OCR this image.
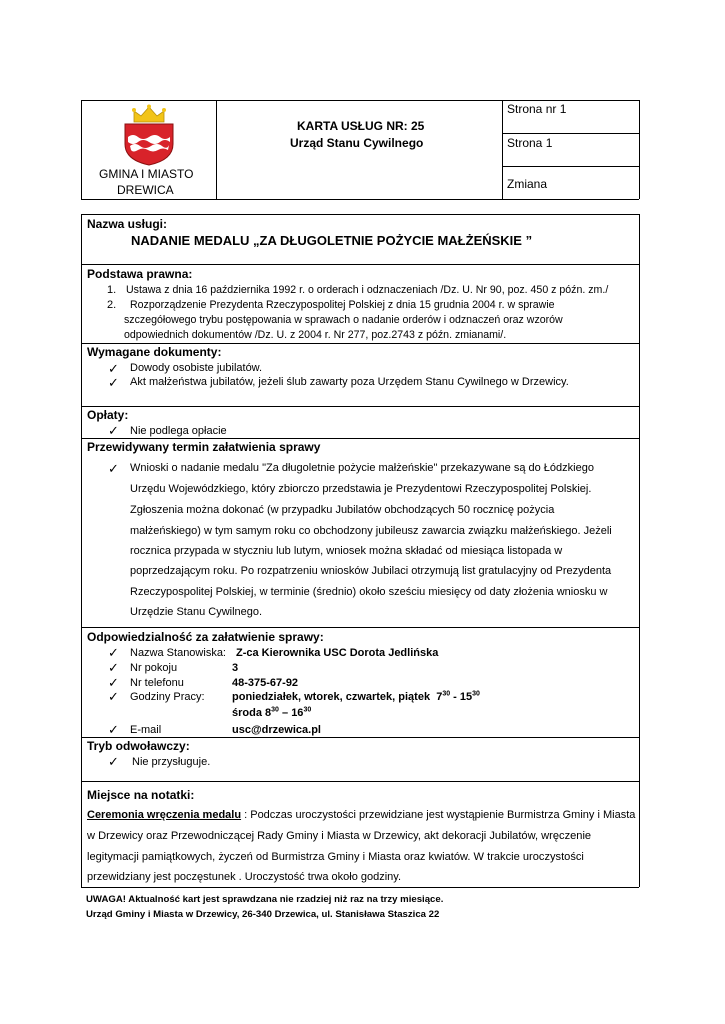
GMINA I MIASTO
DREWICA
KARTA USŁUG NR: 25
Urząd Stanu Cywilnego
Strona nr 1
Strona 1
Zmiana
Nazwa usługi:
NADANIE MEDALU „ZA DŁUGOLETNIE POŻYCIE MAŁŻEŃSKIE ”
Podstawa prawna:
1. Ustawa z dnia 16 października 1992 r. o orderach i odznaczeniach /Dz. U. Nr 90, poz. 450 z późn. zm./
2. Rozporządzenie Prezydenta Rzeczypospolitej Polskiej z dnia 15 grudnia 2004 r. w sprawie
szczegółowego trybu postępowania w sprawach o nadanie orderów i odznaczeń oraz wzorów
odpowiednich dokumentów /Dz. U. z 2004 r. Nr 277, poz.2743 z późn. zmianami/.
Wymagane dokumenty:
✓ Dowody osobiste jubilatów.
✓ Akt małżeństwa jubilatów, jeżeli ślub zawarty poza Urzędem Stanu Cywilnego w Drzewicy.
Opłaty:
✓ Nie podlega opłacie
Przewidywany termin załatwienia sprawy
✓ Wnioski o nadanie medalu "Za długoletnie pożycie małżeńskie" przekazywane są do Łódzkiego
Urzędu Wojewódzkiego, który zbiorczo przedstawia je Prezydentowi Rzeczypospolitej Polskiej.
Zgłoszenia można dokonać (w przypadku Jubilatów obchodzących 50 rocznicę pożycia
małżeńskiego) w tym samym roku co obchodzony jubileusz zawarcia związku małżeńskiego. Jeżeli
rocznica przypada w styczniu lub lutym, wniosek można składać od miesiąca listopada w
poprzedzającym roku. Po rozpatrzeniu wniosków Jubilaci otrzymują list gratulacyjny od Prezydenta
Rzeczypospolitej Polskiej, w terminie (średnio) około sześciu miesięcy od daty złożenia wniosku w
Urzędzie Stanu Cywilnego.
Odpowiedzialność za załatwienie sprawy:
✓ Nazwa Stanowiska: Z-ca Kierownika USC Dorota Jedlińska
✓ Nr pokoju	3
✓ Nr telefonu	48-375-67-92
✓ Godziny Pracy: poniedziałek, wtorek, czwartek, piątek $7^{30} - 15^{30}$
środa $8^{30} - 16^{30}$
✓ E-mail	usc@drzewica.pl
Tryb odwoławczy:
✓ Nie przysługuje.
Miejsce na notatki:
Ceremonia wręczenia medalu : Podczas uroczystości przewidziane jest wystąpienie Burmistrza Gminy i Miasta
w Drzewicy oraz Przewodniczącej Rady Gminy i Miasta w Drzewicy, akt dekoracji Jubilatów, wręczenie
legitymacji pamiątkowych, życzeń od Burmistrza Gminy i Miasta oraz kwiatów. W trakcie uroczystości
przewidziany jest poczęstunek . Uroczystość trwa około godziny.
UWAGA! Aktualność kart jest sprawdzana nie rzadziej niż raz na trzy miesiące.
Urząd Gminy i Miasta w Drzewicy, 26-340 Drzewica, ul. Stanisława Staszica 22
